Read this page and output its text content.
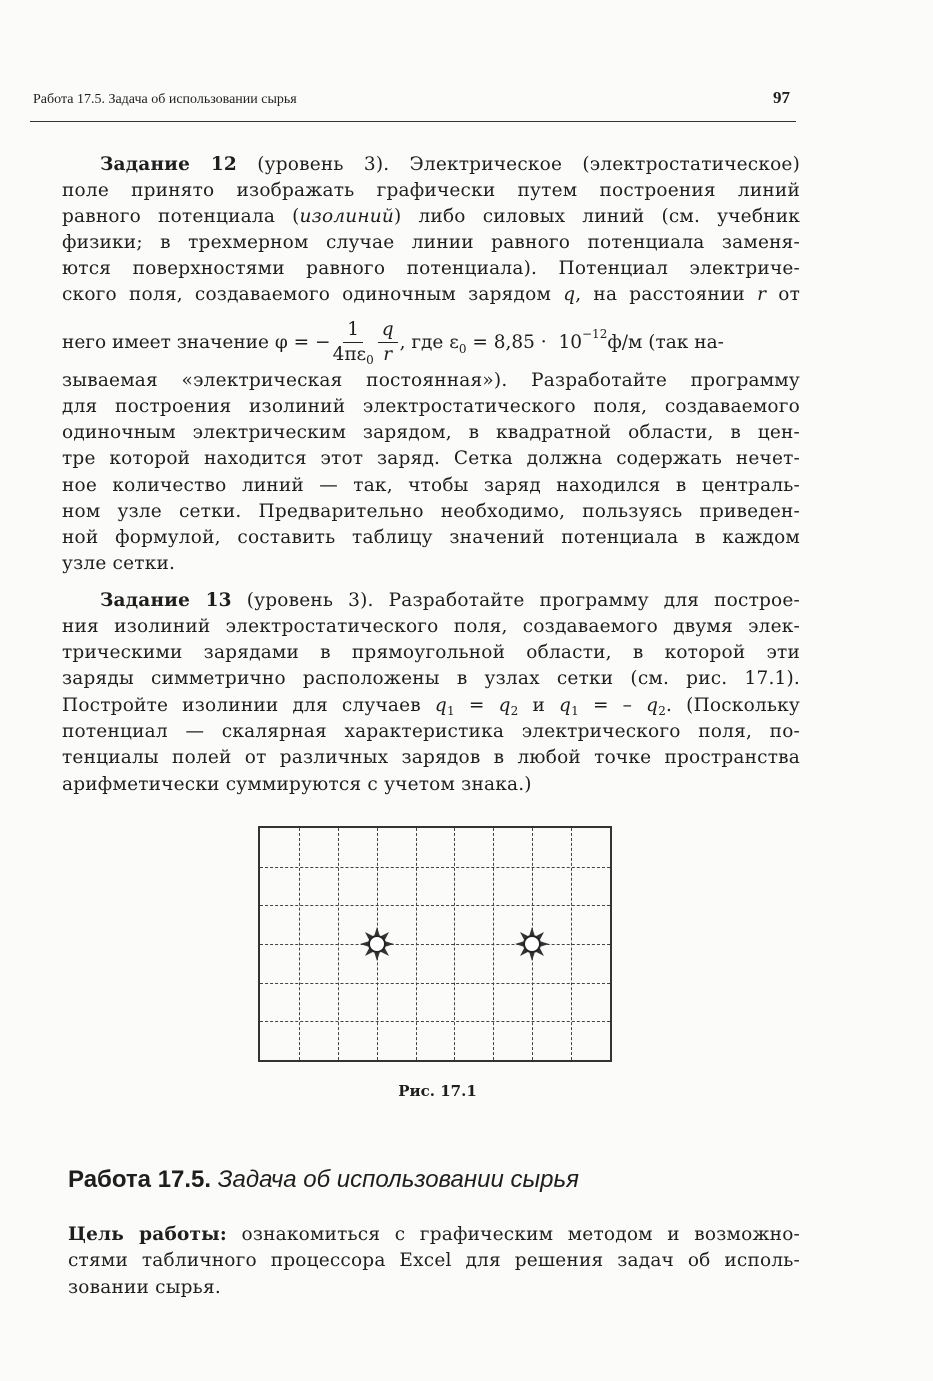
Работа 17.5. Задача об использовании сырья	97
Задание 12 (уровень 3). Электрическое (электростатическое)
поле принято изображать графически путем построения линий
равного потенциала (изолиний) либо силовых линий (см. учебник
физики; в трехмерном случае линии равного потенциала заменя-
ются поверхностями равного потенциала). Потенциал электриче-
ского поля, создаваемого одиночным зарядом q, на расстоянии r от
него имеет значение φ = − $\frac{1}{4\pi\varepsilon_0} \frac{q}{r}$ , где $\varepsilon_0 = 8,85 \cdot 10^{-12}$ ф/м (так на-
зываемая «электрическая постоянная»). Разработайте программу
для построения изолиний электростатического поля, создаваемого
одиночным электрическим зарядом, в квадратной области, в цен-
тре которой находится этот заряд. Сетка должна содержать нечет-
ное количество линий — так, чтобы заряд находился в централь-
ном узле сетки. Предварительно необходимо, пользуясь приведен-
ной формулой, составить таблицу значений потенциала в каждом
узле сетки.
Задание 13 (уровень 3). Разработайте программу для построе-
ния изолиний электростатического поля, создаваемого двумя элек-
трическими зарядами в прямоугольной области, в которой эти
заряды симметрично расположены в узлах сетки (см. рис. 17.1).
Постройте изолинии для случаев $q_1 = q_2$ и $q_1$ = – $q_2$. (Поскольку
потенциал — скалярная характеристика электрического поля, по-
тенциалы полей от различных зарядов в любой точке пространства
арифметически суммируются с учетом знака.)
Рис. 17.1
Работа 17.5. Задача об использовании сырья
Цель работы: ознакомиться с графическим методом и возможно-
стями табличного процессора Excel для решения задач об исполь-
зовании сырья.
